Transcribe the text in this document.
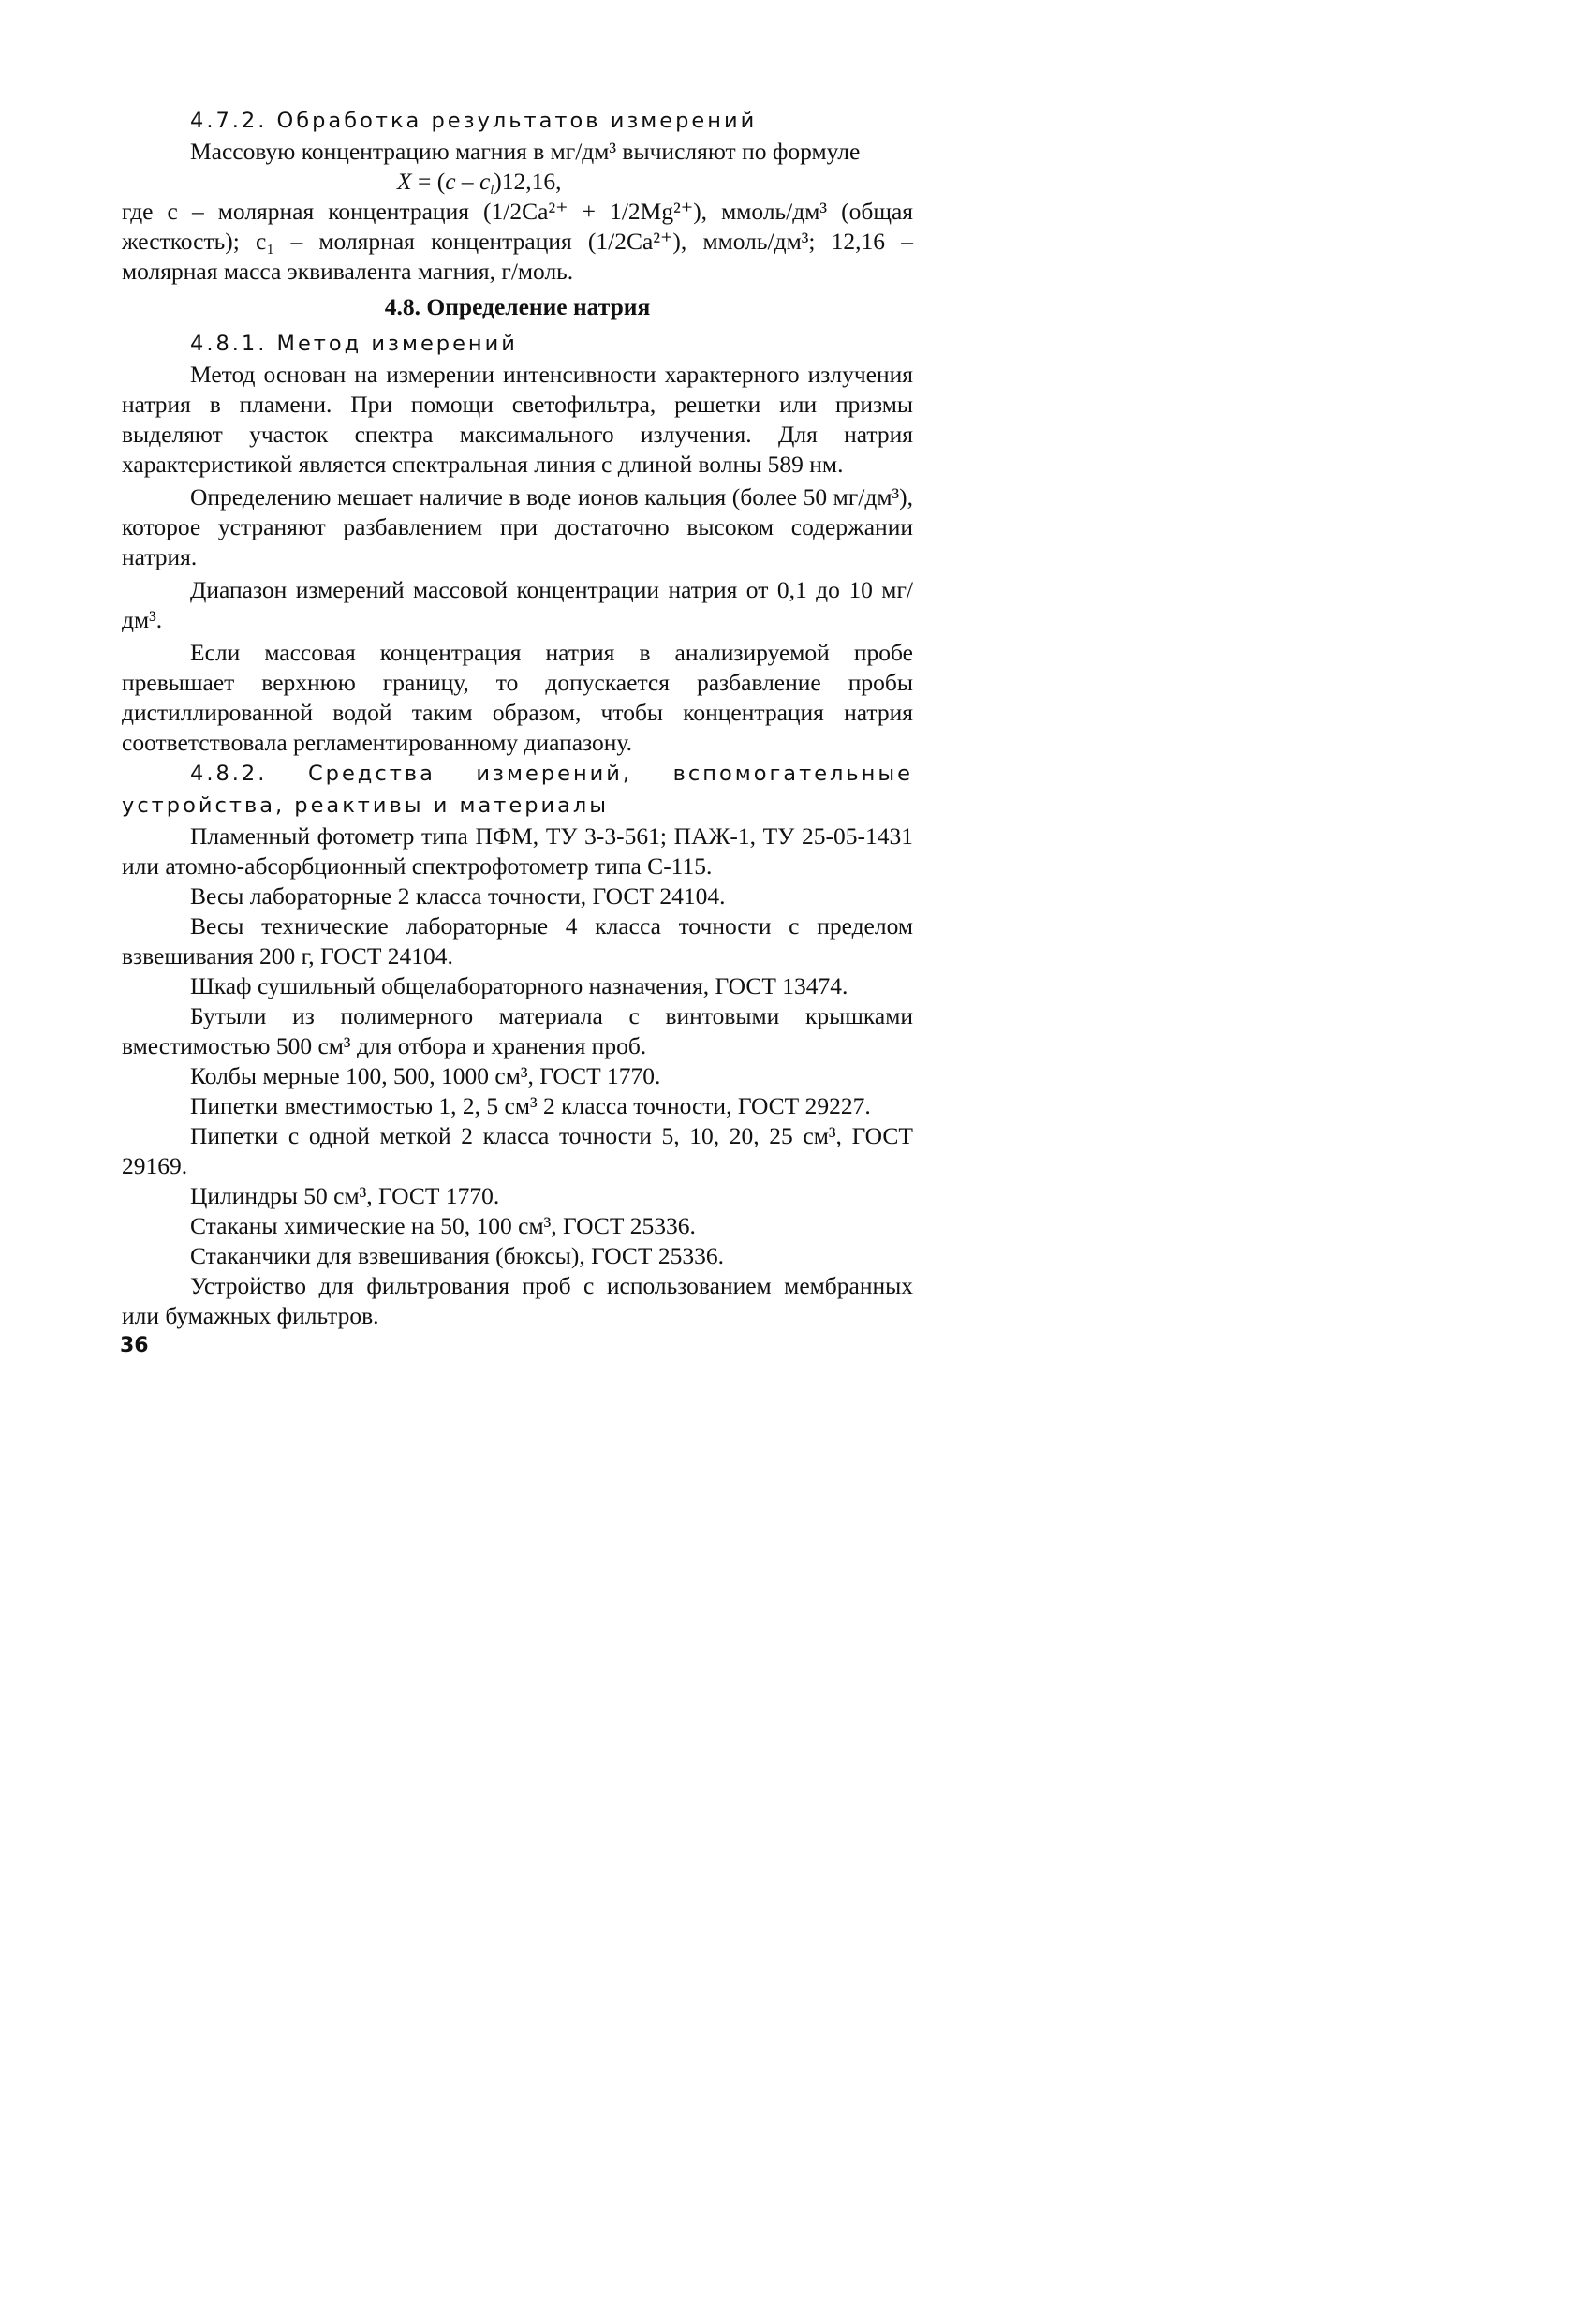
4.7.2. Обработка результатов измерений

Массовую концентрацию магния в мг/дм³ вычисляют по формуле

$X = (c - c_l)12,16$,

где c – молярная концентрация (1/2Ca²⁺ + 1/2Mg²⁺), ммоль/дм³ (общая жесткость); c₁ – молярная концентрация (1/2Ca²⁺), ммоль/дм³; 12,16 – молярная масса эквивалента магния, г/моль.

4.8. Определение натрия

4.8.1. Метод измерений

Метод основан на измерении интенсивности характерного излучения натрия в пламени. При помощи светофильтра, решетки или призмы выделяют участок спектра максимального излучения. Для натрия характеристикой является спектральная линия с длиной волны 589 нм.

Определению мешает наличие в воде ионов кальция (более 50 мг/дм³), которое устраняют разбавлением при достаточно высоком содержании натрия.

Диапазон измерений массовой концентрации натрия от 0,1 до 10 мг/дм³.

Если массовая концентрация натрия в анализируемой пробе превышает верхнюю границу, то допускается разбавление пробы дистиллированной водой таким образом, чтобы концентрация натрия соответствовала регламентированному диапазону.

4.8.2. Средства измерений, вспомогательные устройства, реактивы и материалы

Пламенный фотометр типа ПФМ, ТУ 3-3-561; ПАЖ-1, ТУ 25-05-1431 или атомно-абсорбционный спектрофотометр типа С-115.

Весы лабораторные 2 класса точности, ГОСТ 24104.

Весы технические лабораторные 4 класса точности с пределом взвешивания 200 г, ГОСТ 24104.

Шкаф сушильный общелабораторного назначения, ГОСТ 13474.

Бутыли из полимерного материала с винтовыми крышками вместимостью 500 см³ для отбора и хранения проб.

Колбы мерные 100, 500, 1000 см³, ГОСТ 1770.

Пипетки вместимостью 1, 2, 5 см³ 2 класса точности, ГОСТ 29227.

Пипетки с одной меткой 2 класса точности 5, 10, 20, 25 см³, ГОСТ 29169.

Цилиндры 50 см³, ГОСТ 1770.

Стаканы химические на 50, 100 см³, ГОСТ 25336.

Стаканчики для взвешивания (бюксы), ГОСТ 25336.

Устройство для фильтрования проб с использованием мембранных или бумажных фильтров.

36
